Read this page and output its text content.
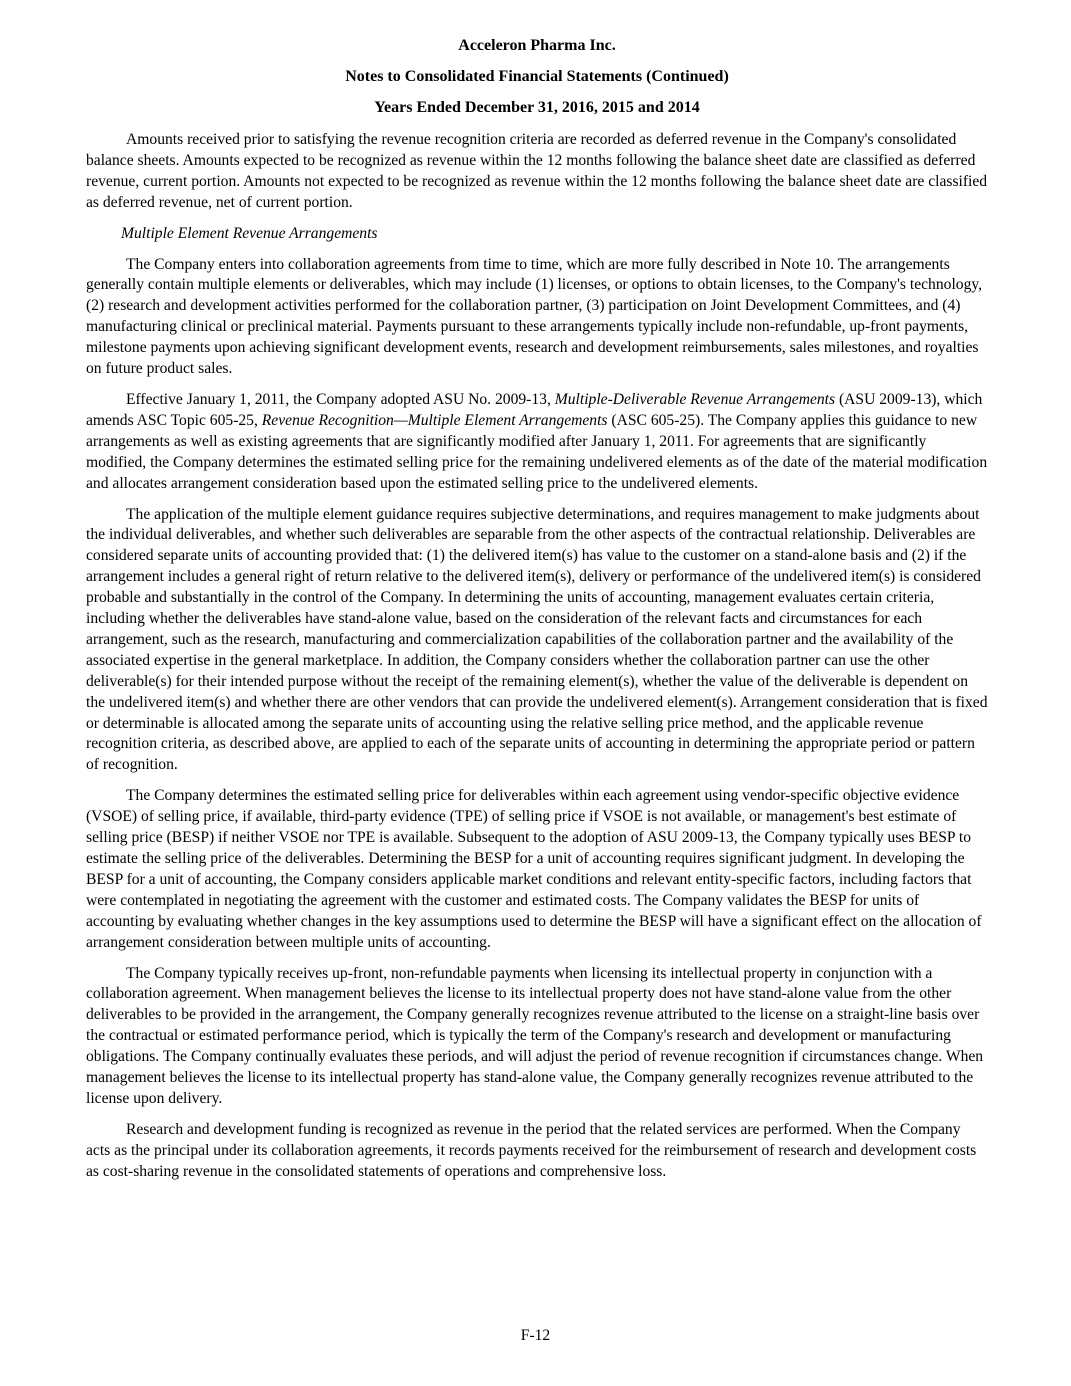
Acceleron Pharma Inc.
Notes to Consolidated Financial Statements (Continued)
Years Ended December 31, 2016, 2015 and 2014

Amounts received prior to satisfying the revenue recognition criteria are recorded as deferred revenue in the Company's consolidated balance sheets. Amounts expected to be recognized as revenue within the 12 months following the balance sheet date are classified as deferred revenue, current portion. Amounts not expected to be recognized as revenue within the 12 months following the balance sheet date are classified as deferred revenue, net of current portion.

Multiple Element Revenue Arrangements

The Company enters into collaboration agreements from time to time, which are more fully described in Note 10. The arrangements generally contain multiple elements or deliverables, which may include (1) licenses, or options to obtain licenses, to the Company's technology, (2) research and development activities performed for the collaboration partner, (3) participation on Joint Development Committees, and (4) manufacturing clinical or preclinical material. Payments pursuant to these arrangements typically include non-refundable, up-front payments, milestone payments upon achieving significant development events, research and development reimbursements, sales milestones, and royalties on future product sales.

Effective January 1, 2011, the Company adopted ASU No. 2009-13, Multiple-Deliverable Revenue Arrangements (ASU 2009-13), which amends ASC Topic 605-25, Revenue Recognition—Multiple Element Arrangements (ASC 605-25). The Company applies this guidance to new arrangements as well as existing agreements that are significantly modified after January 1, 2011. For agreements that are significantly modified, the Company determines the estimated selling price for the remaining undelivered elements as of the date of the material modification and allocates arrangement consideration based upon the estimated selling price to the undelivered elements.

The application of the multiple element guidance requires subjective determinations, and requires management to make judgments about the individual deliverables, and whether such deliverables are separable from the other aspects of the contractual relationship. Deliverables are considered separate units of accounting provided that: (1) the delivered item(s) has value to the customer on a stand-alone basis and (2) if the arrangement includes a general right of return relative to the delivered item(s), delivery or performance of the undelivered item(s) is considered probable and substantially in the control of the Company. In determining the units of accounting, management evaluates certain criteria, including whether the deliverables have stand-alone value, based on the consideration of the relevant facts and circumstances for each arrangement, such as the research, manufacturing and commercialization capabilities of the collaboration partner and the availability of the associated expertise in the general marketplace. In addition, the Company considers whether the collaboration partner can use the other deliverable(s) for their intended purpose without the receipt of the remaining element(s), whether the value of the deliverable is dependent on the undelivered item(s) and whether there are other vendors that can provide the undelivered element(s). Arrangement consideration that is fixed or determinable is allocated among the separate units of accounting using the relative selling price method, and the applicable revenue recognition criteria, as described above, are applied to each of the separate units of accounting in determining the appropriate period or pattern of recognition.

The Company determines the estimated selling price for deliverables within each agreement using vendor-specific objective evidence (VSOE) of selling price, if available, third-party evidence (TPE) of selling price if VSOE is not available, or management's best estimate of selling price (BESP) if neither VSOE nor TPE is available. Subsequent to the adoption of ASU 2009-13, the Company typically uses BESP to estimate the selling price of the deliverables. Determining the BESP for a unit of accounting requires significant judgment. In developing the BESP for a unit of accounting, the Company considers applicable market conditions and relevant entity-specific factors, including factors that were contemplated in negotiating the agreement with the customer and estimated costs. The Company validates the BESP for units of accounting by evaluating whether changes in the key assumptions used to determine the BESP will have a significant effect on the allocation of arrangement consideration between multiple units of accounting.

The Company typically receives up-front, non-refundable payments when licensing its intellectual property in conjunction with a collaboration agreement. When management believes the license to its intellectual property does not have stand-alone value from the other deliverables to be provided in the arrangement, the Company generally recognizes revenue attributed to the license on a straight-line basis over the contractual or estimated performance period, which is typically the term of the Company's research and development or manufacturing obligations. The Company continually evaluates these periods, and will adjust the period of revenue recognition if circumstances change. When management believes the license to its intellectual property has stand-alone value, the Company generally recognizes revenue attributed to the license upon delivery.

Research and development funding is recognized as revenue in the period that the related services are performed. When the Company acts as the principal under its collaboration agreements, it records payments received for the reimbursement of research and development costs as cost-sharing revenue in the consolidated statements of operations and comprehensive loss.

F-12
